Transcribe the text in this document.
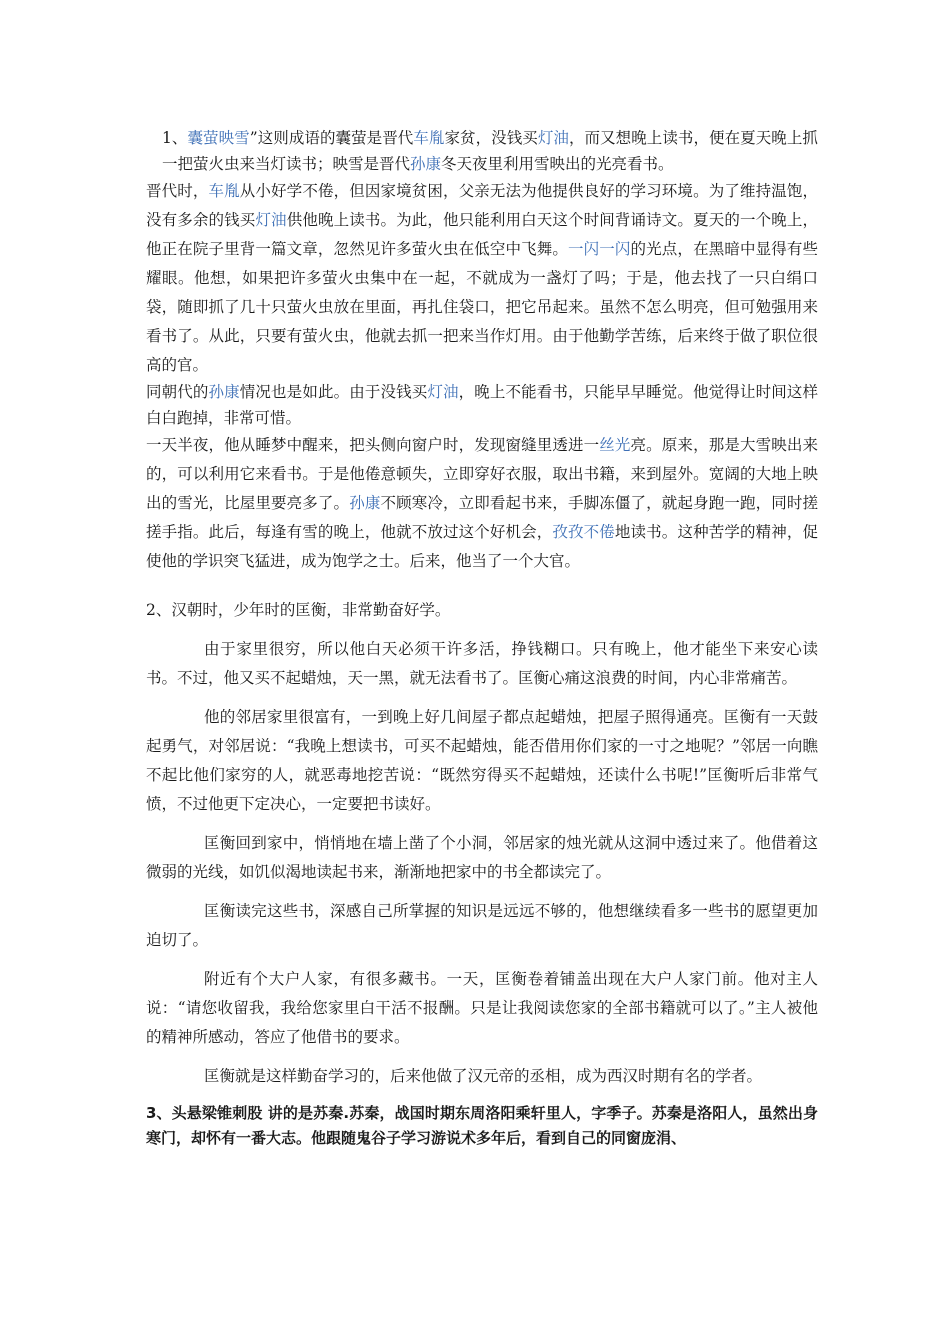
1、囊萤映雪”这则成语的囊萤是晋代车胤家贫，没钱买灯油，而又想晚上读书，便在夏天晚上抓一把萤火虫来当灯读书；映雪是晋代孙康冬天夜里利用雪映出的光亮看书。

晋代时，车胤从小好学不倦，但因家境贫困，父亲无法为他提供良好的学习环境。为了维持温饱，没有多余的钱买灯油供他晚上读书。为此，他只能利用白天这个时间背诵诗文。夏天的一个晚上，他正在院子里背一篇文章，忽然见许多萤火虫在低空中飞舞。一闪一闪的光点，在黑暗中显得有些耀眼。他想，如果把许多萤火虫集中在一起，不就成为一盏灯了吗；于是，他去找了一只白绢口袋，随即抓了几十只萤火虫放在里面，再扎住袋口，把它吊起来。虽然不怎么明亮，但可勉强用来看书了。从此，只要有萤火虫，他就去抓一把来当作灯用。由于他勤学苦练，后来终于做了职位很高的官。

同朝代的孙康情况也是如此。由于没钱买灯油，晚上不能看书，只能早早睡觉。他觉得让时间这样白白跑掉，非常可惜。

一天半夜，他从睡梦中醒来，把头侧向窗户时，发现窗缝里透进一丝光亮。原来，那是大雪映出来的，可以利用它来看书。于是他倦意顿失，立即穿好衣服，取出书籍，来到屋外。宽阔的大地上映出的雪光，比屋里要亮多了。孙康不顾寒冷，立即看起书来，手脚冻僵了，就起身跑一跑，同时搓搓手指。此后，每逢有雪的晚上，他就不放过这个好机会，孜孜不倦地读书。这种苦学的精神，促使他的学识突飞猛进，成为饱学之士。后来，他当了一个大官。

2、汉朝时，少年时的匡衡，非常勤奋好学。

由于家里很穷，所以他白天必须干许多活，挣钱糊口。只有晚上，他才能坐下来安心读书。不过，他又买不起蜡烛，天一黑，就无法看书了。匡衡心痛这浪费的时间，内心非常痛苦。

他的邻居家里很富有，一到晚上好几间屋子都点起蜡烛，把屋子照得通亮。匡衡有一天鼓起勇气，对邻居说：“我晚上想读书，可买不起蜡烛，能否借用你们家的一寸之地呢？”邻居一向瞧不起比他们家穷的人，就恶毒地挖苦说：“既然穷得买不起蜡烛，还读什么书呢!”匡衡听后非常气愤，不过他更下定决心，一定要把书读好。

匡衡回到家中，悄悄地在墙上凿了个小洞，邻居家的烛光就从这洞中透过来了。他借着这微弱的光线，如饥似渴地读起书来，渐渐地把家中的书全都读完了。

匡衡读完这些书，深感自己所掌握的知识是远远不够的，他想继续看多一些书的愿望更加迫切了。

附近有个大户人家，有很多藏书。一天，匡衡卷着铺盖出现在大户人家门前。他对主人说：“请您收留我，我给您家里白干活不报酬。只是让我阅读您家的全部书籍就可以了。”主人被他的精神所感动，答应了他借书的要求。

匡衡就是这样勤奋学习的，后来他做了汉元帝的丞相，成为西汉时期有名的学者。

3、头悬梁锥刺股 讲的是苏秦.苏秦，战国时期东周洛阳乘轩里人，字季子。苏秦是洛阳人，虽然出身寒门，却怀有一番大志。他跟随鬼谷子学习游说术多年后，看到自己的同窗庞涓、
